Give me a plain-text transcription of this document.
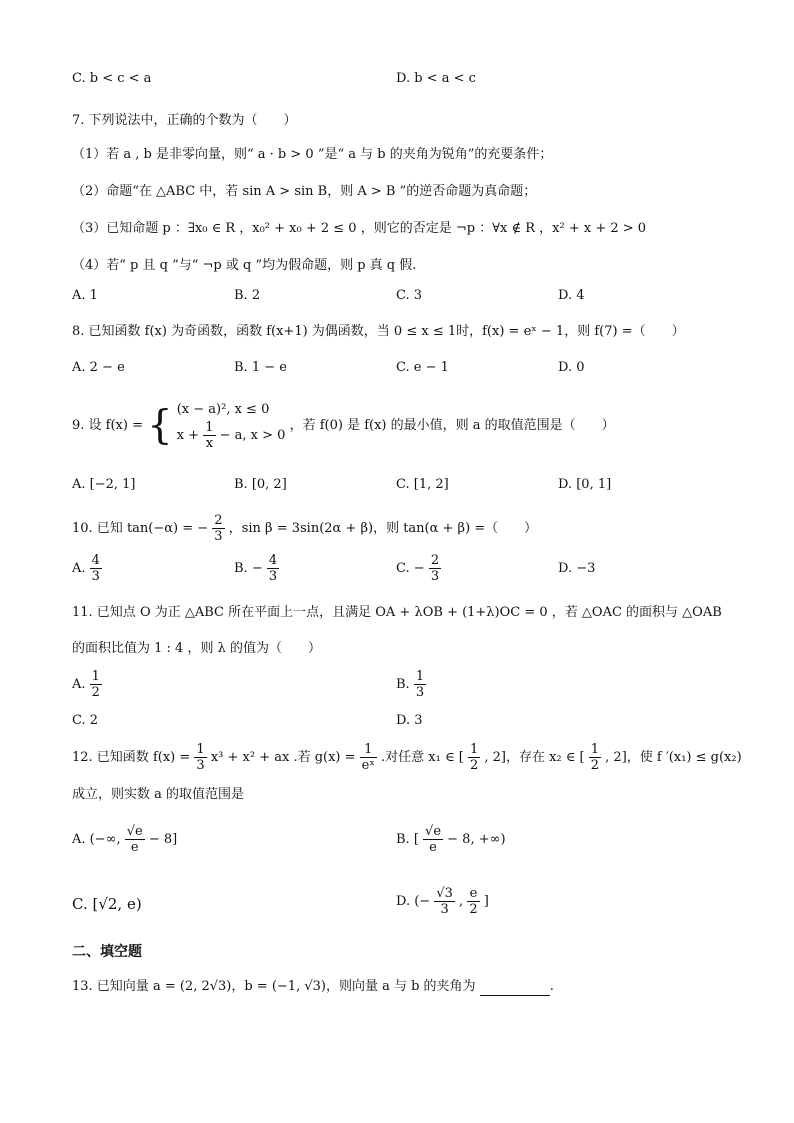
C. b < c < a	D. b < a < c
7. 下列说法中，正确的个数为（　　）
（1）若 a , b 是非零向量，则“ a · b > 0 ”是“ a 与 b 的夹角为锐角”的充要条件；
（2）命题“在 △ABC 中，若 sin A > sin B，则 A > B ”的逆否命题为真命题；
（3）已知命题 p ：∃x₀ ∈ R ，x₀² + x₀ + 2 ≤ 0 ，则它的否定是 ¬p ：∀x ∉ R ，x² + x + 2 > 0
（4）若“ p 且 q ”与“ ¬p 或 q ”均为假命题，则 p 真 q 假.
A. 1	B. 2	C. 3	D. 4
8. 已知函数 f(x) 为奇函数，函数 f(x+1) 为偶函数，当 0 ≤ x ≤ 1时，f(x) = eˣ − 1，则 f(7) =（　　）
A. 2 − e	B. 1 − e	C. e − 1	D. 0
9. 设 f(x) = { (x − a)², x ≤ 0
$x + \frac{1}{x} - a$, x > 0
，若 f(0) 是 f(x) 的最小值，则 a 的取值范围是（　　）
A. [−2, 1]	B. [0, 2]	C. [1, 2]	D. [0, 1]
10. 已知 tan(−α) = − $\frac{2}{3}$ ，sin β = 3sin(2α + β)，则 tan(α + β) =（　　）
A. $\frac{4}{3}$	B. − $\frac{4}{3}$	C. − $\frac{2}{3}$	D. −3
11. 已知点 O 为正 △ABC 所在平面上一点，且满足 OA + λOB + (1+λ)OC = 0 ，若 △OAC 的面积与 △OAB
的面积比值为 1 : 4 ，则 λ 的值为（　　）
A. $\frac{1}{2}$	B. $\frac{1}{3}$
C. 2	D. 3
12. 已知函数 $f(x) = \frac{1}{3} x^3 + x^2$ + ax .若 $g(x) = \frac{1}{\text{eˣ}}$ .对任意 x₁ ∈ [ $\frac{1}{2}$ , 2]，存在 x₂ ∈ [ $\frac{1}{2}$ , 2]，使 f ′(x₁) ≤ g(x₂)
成立，则实数 a 的取值范围是
A. (−∞, $\frac{√e}{e} - 8$]	B. [ $\frac{√e}{e} - 8$, +∞)
C. [√2, e)	D. (− $\frac{√3}{3}$ , $\frac{e}{2}$ ]
二、填空题
13. 已知向量 a = (2, 2√3)，b = (−1, √3)，则向量 a 与 b 的夹角为	.
